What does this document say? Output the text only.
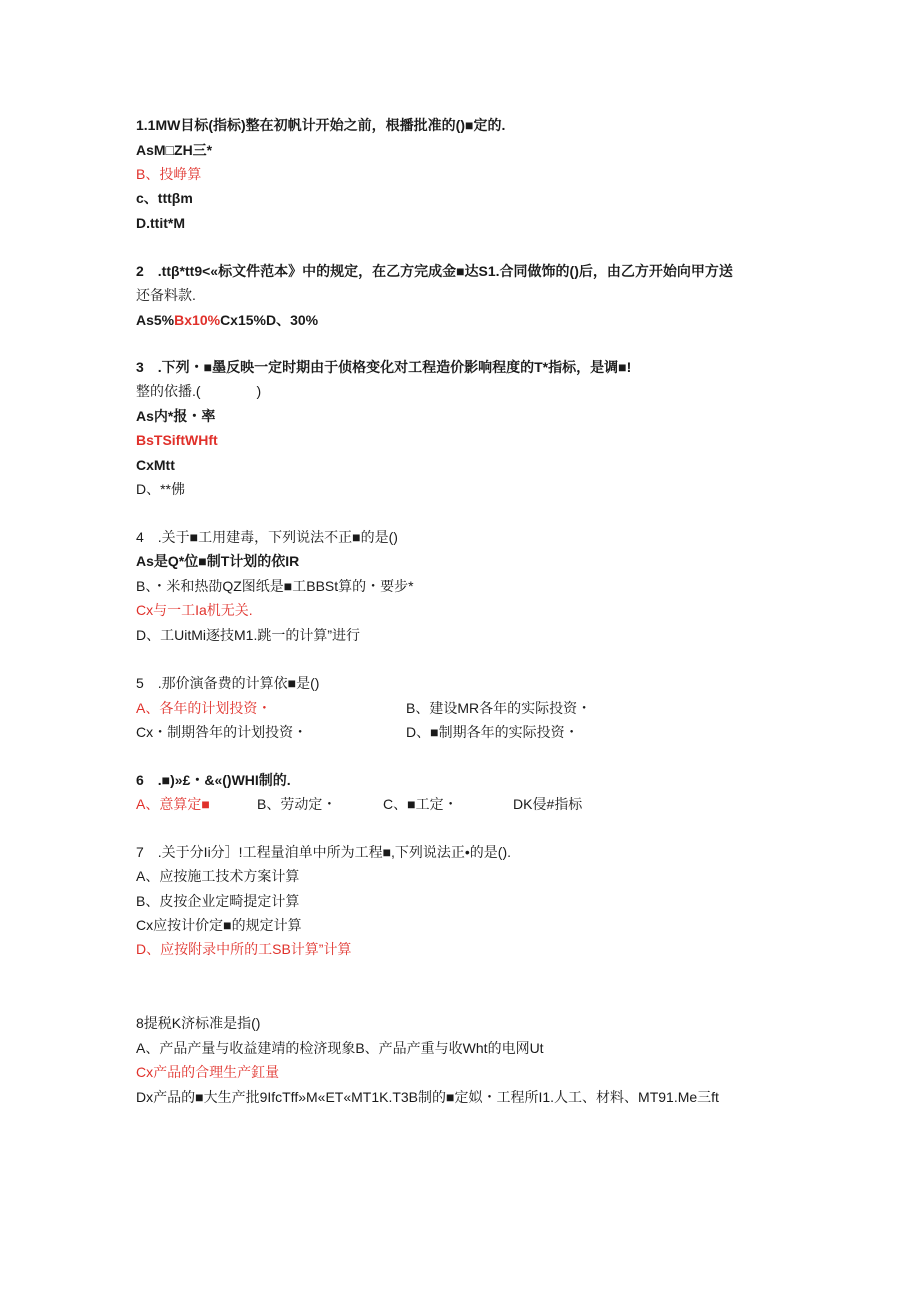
1.1MW目标(指标)整在初帆计开始之前，根播批准的()■定的.
AsM□ZH三*
B、投峥算
c、tttβm
D.ttit*M
2　.ttβ*tt9<«标文件范本》中的规定，在乙方完成金■达S1.合同做饰的()后，由乙方开始向甲方送
还备料款.
As5%Bx10%Cx15%D、30%
3　.下列・■墨反映一定时期由于侦格变化对工程造价影响程度的T*指标，是调■!
整的依播.(　　　　)
As内*报・率
BsTSiftWHft
CxMtt
D、**佛
4　.关于■工用建毒，下列说法不正■的是()
As是Q*位■制T计划的依IR
B、・米和热劭QZ图纸是■工BBSt算的・要步*
Cx与一工Ia机无关.
D、工UitMi逐技M1.跳一的计算”进行
5　.那价演备费的计算依■是()
A、各年的计划投资・	B、建设MR各年的实际投资・
Cx・制期咎年的计划投资・	D、■制期各年的实际投资・
6　.■)»£・&«()WHI制的.
A、意算定■	B、劳动定・	C、■工定・	DK侵#指标
7　.关于分Ii分］!工程量洎单中所为工程■,下列说法正•的是().
A、应按施工技术方案计算
B、皮按企业定畸提定计算
Cx应按计价定■的规定计算
D、应按附录中所的工SB计算”计算
8提税K济标准是指()
A、产品产量与收益建靖的检济现象B、产品产重与收Wht的电网Ut
Cx产品的合理生产釭量
Dx产品的■大生产批9IfcTff»M«ET«MT1K.T3B制的■定姒・工程所I1.人工、材料、MT91.Me三ft
